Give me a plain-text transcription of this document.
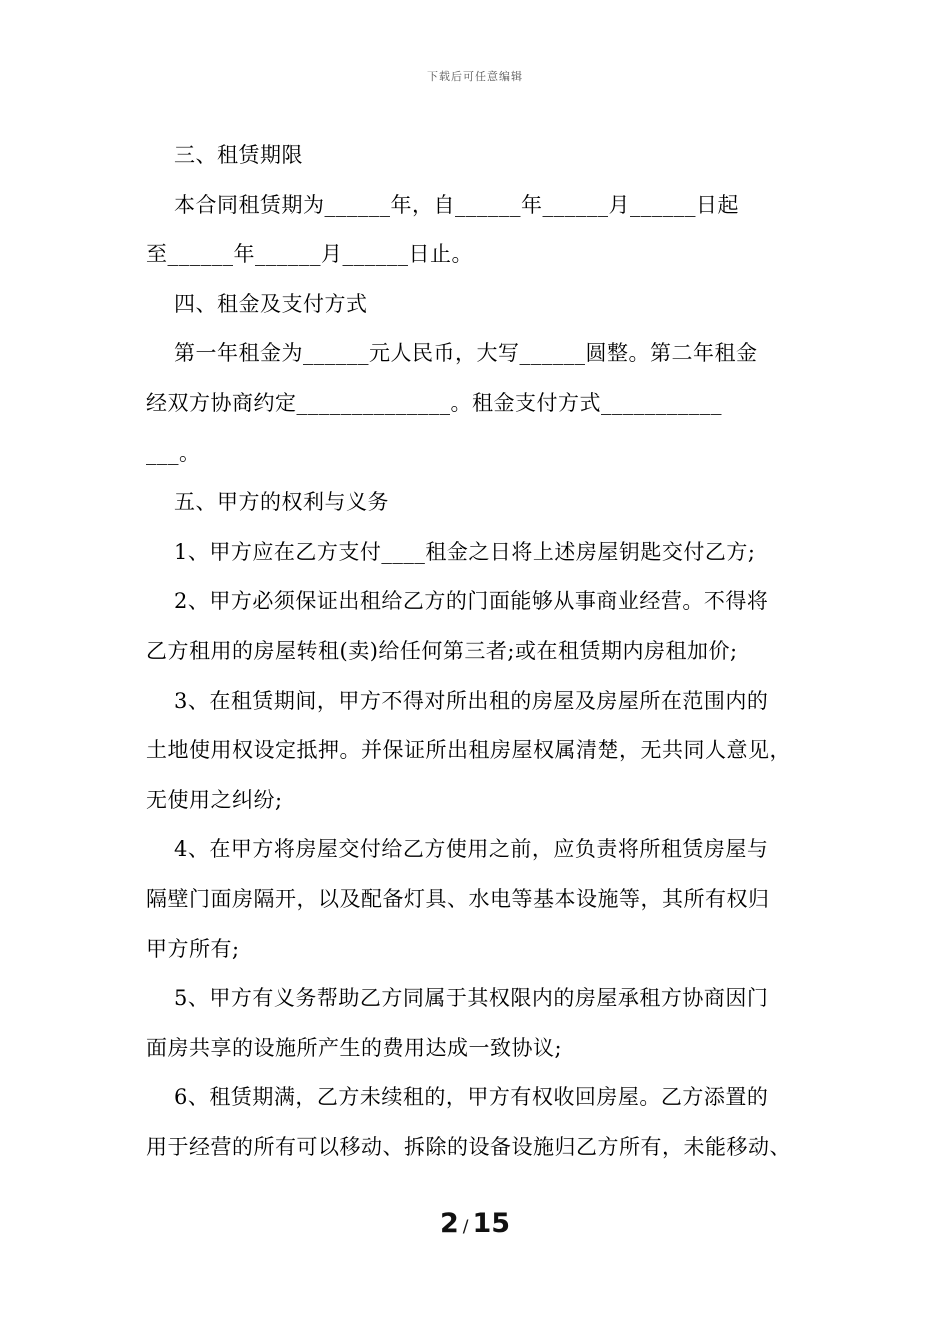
下载后可任意编辑
三、租赁期限
本合同租赁期为______年，自______年______月______日起
至______年______月______日止。
四、租金及支付方式
第一年租金为______元人民币，大写______圆整。第二年租金
经双方协商约定______________。租金支付方式___________
___。
五、甲方的权利与义务
1、甲方应在乙方支付____租金之日将上述房屋钥匙交付乙方;
2、甲方必须保证出租给乙方的门面能够从事商业经营。不得将
乙方租用的房屋转租(卖)给任何第三者;或在租赁期内房租加价;
3、在租赁期间，甲方不得对所出租的房屋及房屋所在范围内的
土地使用权设定抵押。并保证所出租房屋权属清楚，无共同人意见，
无使用之纠纷;
4、在甲方将房屋交付给乙方使用之前，应负责将所租赁房屋与
隔壁门面房隔开，以及配备灯具、水电等基本设施等，其所有权归
甲方所有;
5、甲方有义务帮助乙方同属于其权限内的房屋承租方协商因门
面房共享的设施所产生的费用达成一致协议;
6、租赁期满，乙方未续租的，甲方有权收回房屋。乙方添置的
用于经营的所有可以移动、拆除的设备设施归乙方所有，未能移动、
2 / 15
